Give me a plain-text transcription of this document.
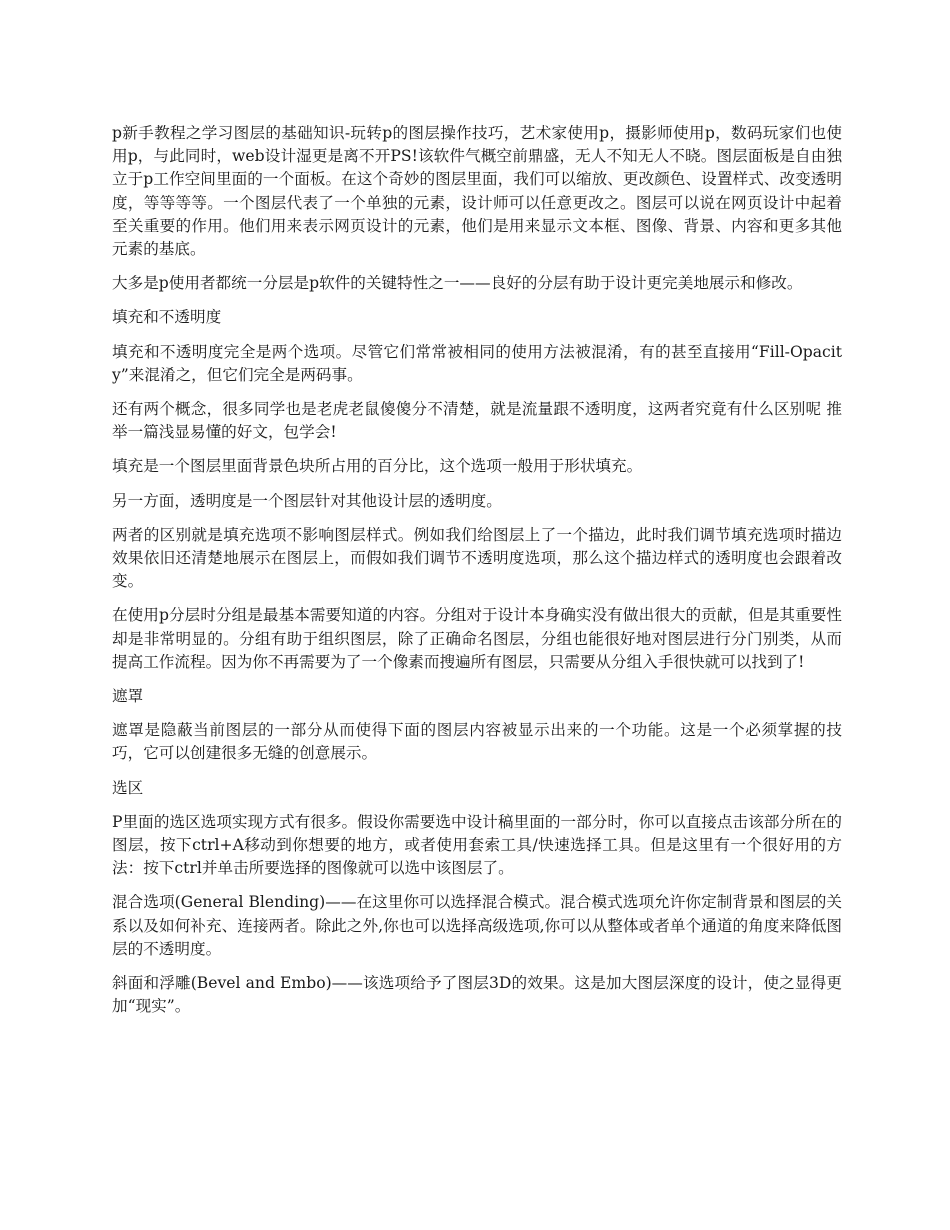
p新手教程之学习图层的基础知识-玩转p的图层操作技巧，艺术家使用p，摄影师使用p，数码玩家们也使用p，与此同时，web设计湿更是离不开PS!该软件气概空前鼎盛，无人不知无人不晓。图层面板是自由独立于p工作空间里面的一个面板。在这个奇妙的图层里面，我们可以缩放、更改颜色、设置样式、改变透明度，等等等等。一个图层代表了一个单独的元素，设计师可以任意更改之。图层可以说在网页设计中起着至关重要的作用。他们用来表示网页设计的元素，他们是用来显示文本框、图像、背景、内容和更多其他元素的基底。

大多是p使用者都统一分层是p软件的关键特性之一——良好的分层有助于设计更完美地展示和修改。

填充和不透明度

填充和不透明度完全是两个选项。尽管它们常常被相同的使用方法被混淆，有的甚至直接用“Fill-Opacity”来混淆之，但它们完全是两码事。

还有两个概念，很多同学也是老虎老鼠傻傻分不清楚，就是流量跟不透明度，这两者究竟有什么区别呢 推举一篇浅显易懂的好文，包学会!

填充是一个图层里面背景色块所占用的百分比，这个选项一般用于形状填充。

另一方面，透明度是一个图层针对其他设计层的透明度。

两者的区别就是填充选项不影响图层样式。例如我们给图层上了一个描边，此时我们调节填充选项时描边效果依旧还清楚地展示在图层上，而假如我们调节不透明度选项，那么这个描边样式的透明度也会跟着改变。

在使用p分层时分组是最基本需要知道的内容。分组对于设计本身确实没有做出很大的贡献，但是其重要性却是非常明显的。分组有助于组织图层，除了正确命名图层，分组也能很好地对图层进行分门别类，从而提高工作流程。因为你不再需要为了一个像素而搜遍所有图层，只需要从分组入手很快就可以找到了!

遮罩

遮罩是隐蔽当前图层的一部分从而使得下面的图层内容被显示出来的一个功能。这是一个必须掌握的技巧，它可以创建很多无缝的创意展示。

选区

P里面的选区选项实现方式有很多。假设你需要选中设计稿里面的一部分时，你可以直接点击该部分所在的图层，按下ctrl+A移动到你想要的地方，或者使用套索工具/快速选择工具。但是这里有一个很好用的方法：按下ctrl并单击所要选择的图像就可以选中该图层了。

混合选项(General Blending)——在这里你可以选择混合模式。混合模式选项允许你定制背景和图层的关系以及如何补充、连接两者。除此之外,你也可以选择高级选项,你可以从整体或者单个通道的角度来降低图层的不透明度。

斜面和浮雕(Bevel and Embo)——该选项给予了图层3D的效果。这是加大图层深度的设计，使之显得更加“现实”。
